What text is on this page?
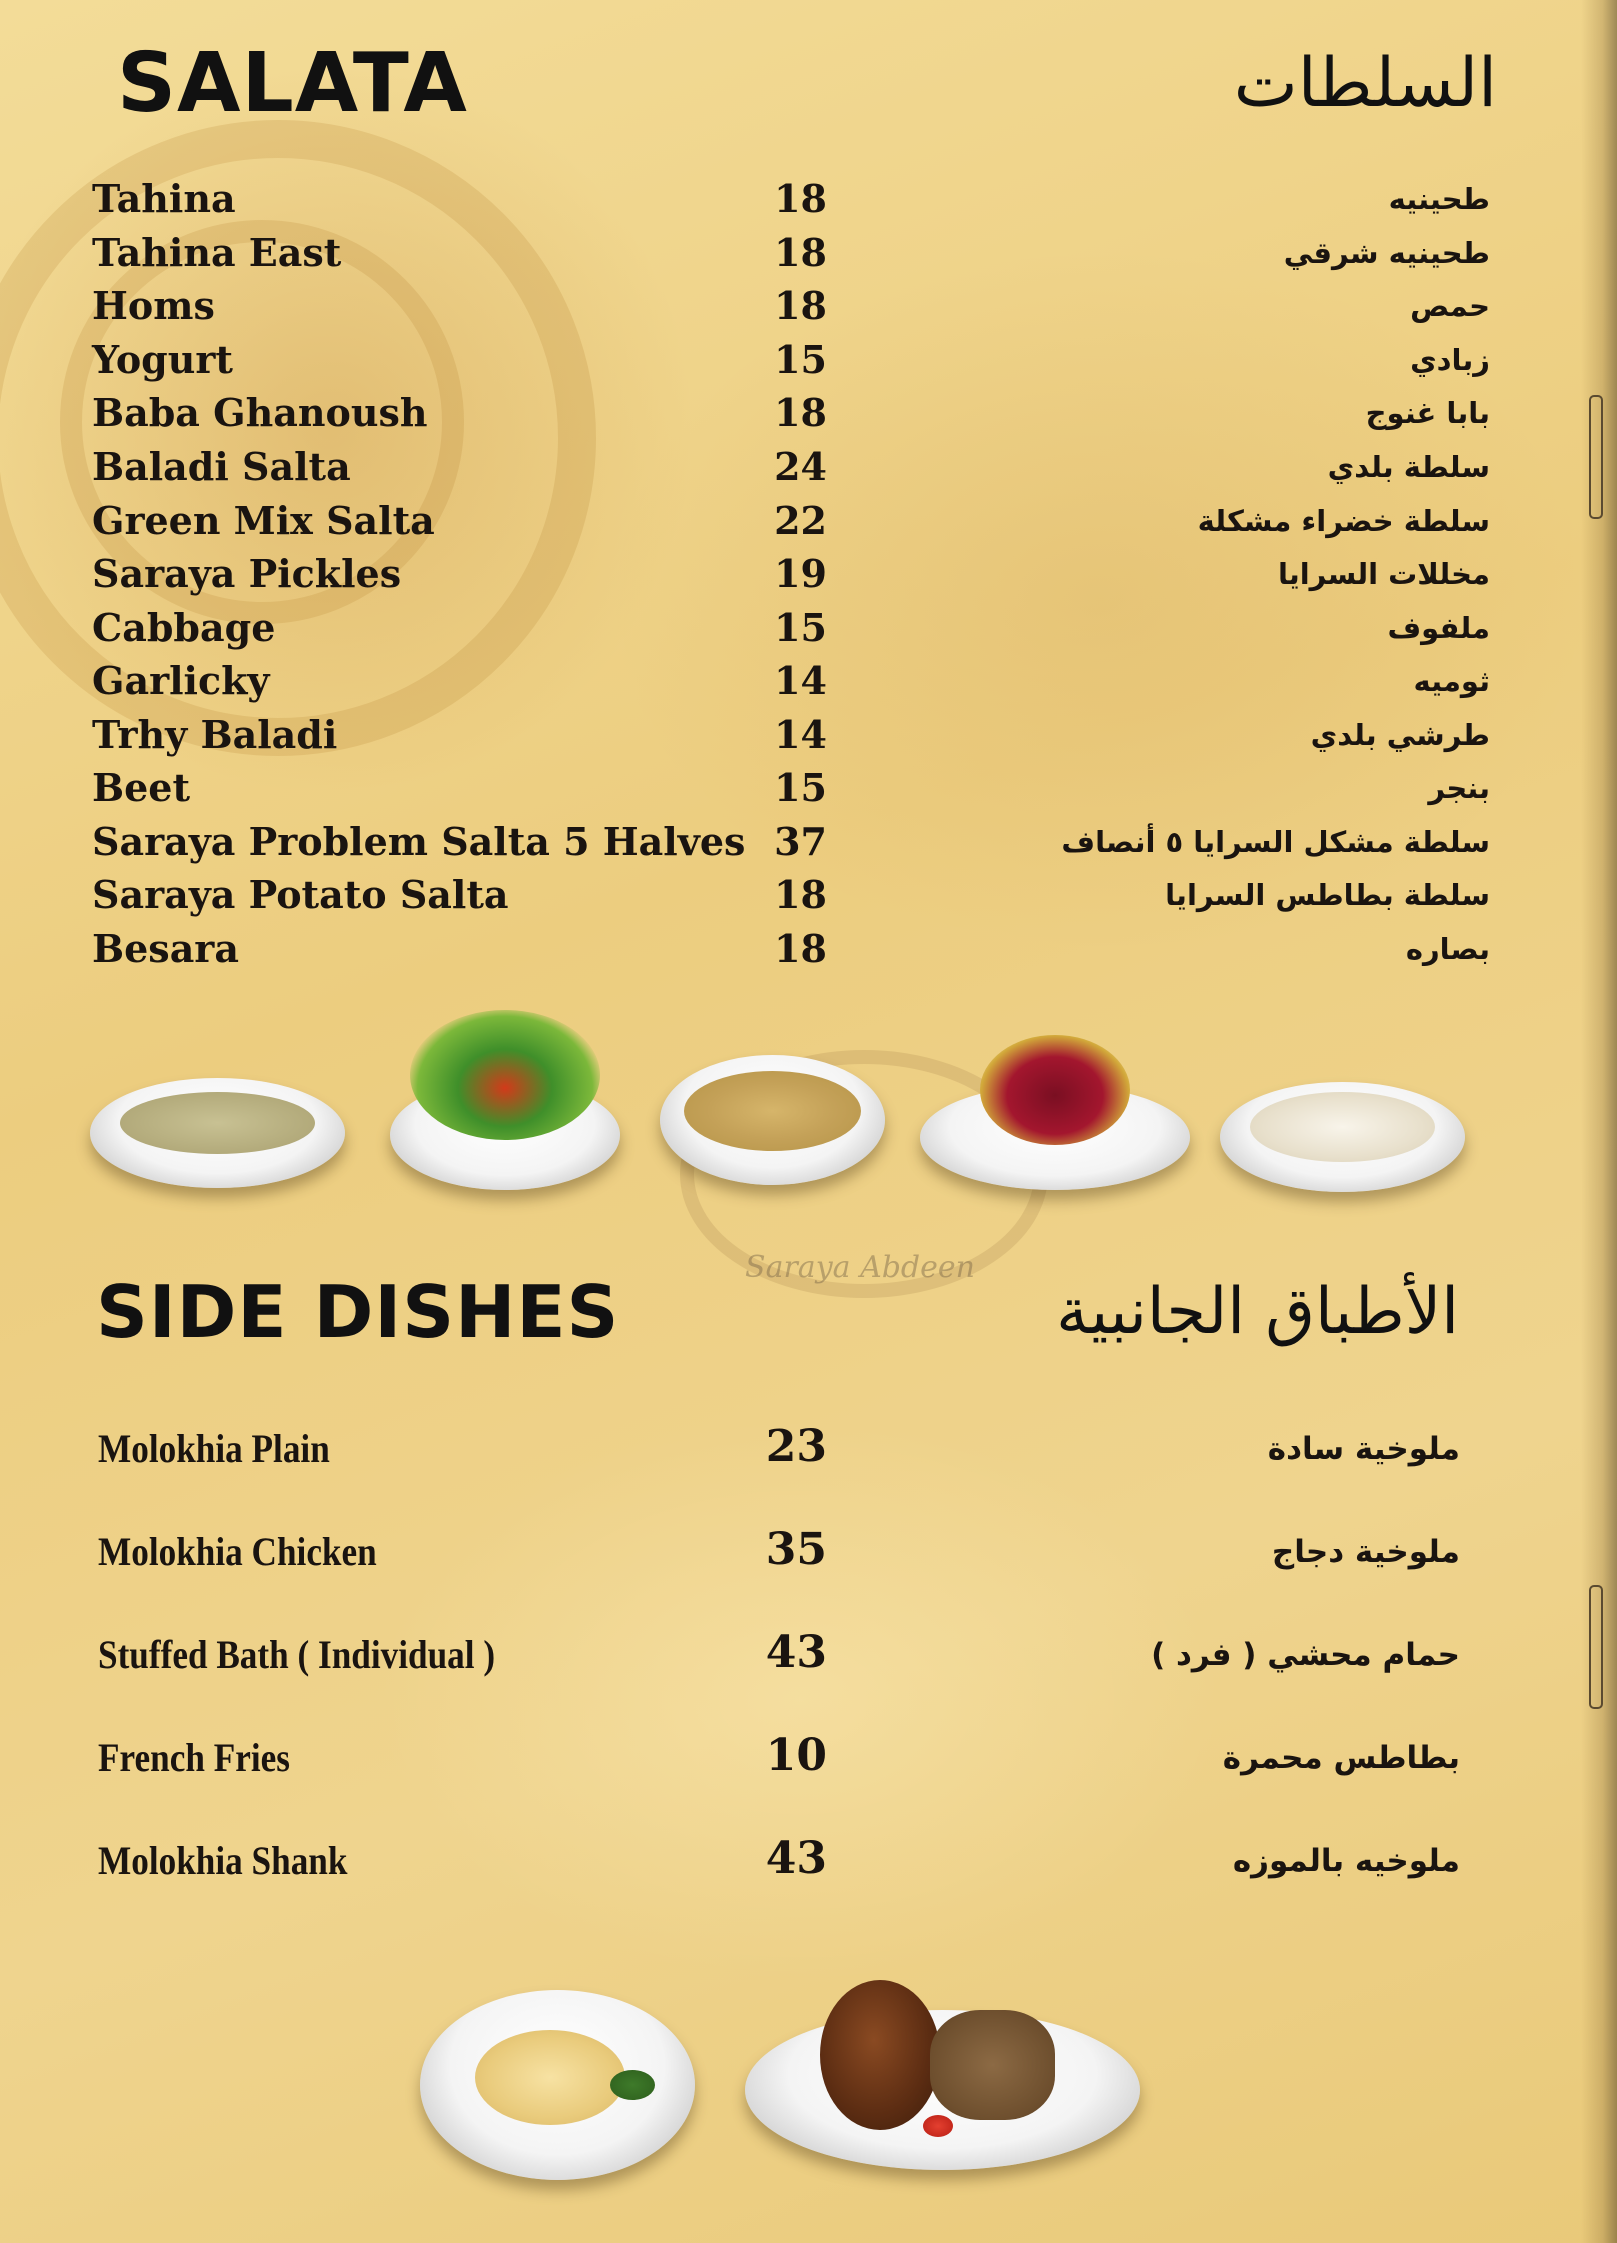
Saraya Abdeen
SALATA	السلطات
Tahina	18	طحينيه
Tahina East	18	طحينيه شرقي
Homs	18	حمص
Yogurt	15	زبادي
Baba Ghanoush	18	بابا غنوج
Baladi Salta	24	سلطة بلدي
Green Mix Salta	22	سلطة خضراء مشكلة
Saraya Pickles	19	مخللات السرايا
Cabbage	15	ملفوف
Garlicky	14	ثوميه
Trhy Baladi	14	طرشي بلدي
Beet	15	بنجر
Saraya Problem Salta 5 Halves 37	سلطة مشكل السرايا ٥ أنصاف
Saraya Potato Salta	18	سلطة بطاطس السرايا
Besara	18	بصاره
SIDE DISHES	الأطباق الجانبية
Molokhia Plain	23	ملوخية سادة
Molokhia Chicken	35	ملوخية دجاج
Stuffed Bath ( Individual )	43	حمام محشي ( فرد )
French Fries	10	بطاطس محمرة
Molokhia Shank	43	ملوخيه بالموزه
